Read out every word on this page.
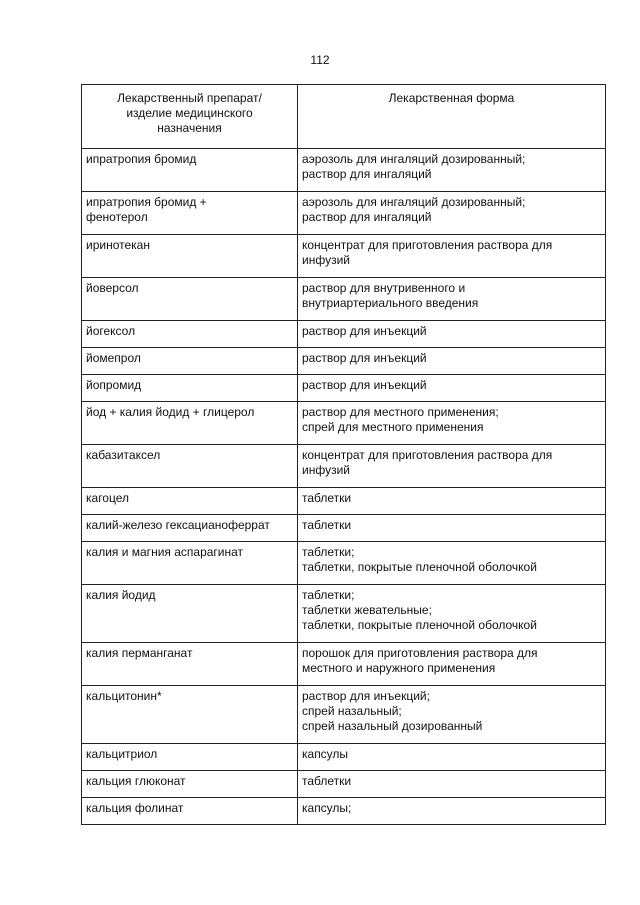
112
Лекарственный препарат/
изделие медицинского
назначения	Лекарственная форма

ипратропия бромид	аэрозоль для ингаляций дозированный;
раствор для ингаляций

ипратропия бромид +
фенотерол	аэрозоль для ингаляций дозированный;
раствор для ингаляций

иринотекан	концентрат для приготовления раствора для
инфузий

йоверсол	раствор для внутривенного и
внутриартериального введения

йогексол	раствор для инъекций

йомепрол	раствор для инъекций

йопромид	раствор для инъекций

йод + калия йодид + глицерол	раствор для местного применения;
спрей для местного применения

кабазитаксел	концентрат для приготовления раствора для
инфузий

кагоцел	таблетки

калий-железо гексацианоферрат	таблетки

калия и магния аспарагинат	таблетки;
таблетки, покрытые пленочной оболочкой

калия йодид	таблетки;
таблетки жевательные;
таблетки, покрытые пленочной оболочкой

калия перманганат	порошок для приготовления раствора для
местного и наружного применения

кальцитонин*	раствор для инъекций;
спрей назальный;
спрей назальный дозированный

кальцитриол	капсулы

кальция глюконат	таблетки

кальция фолинат	капсулы;
